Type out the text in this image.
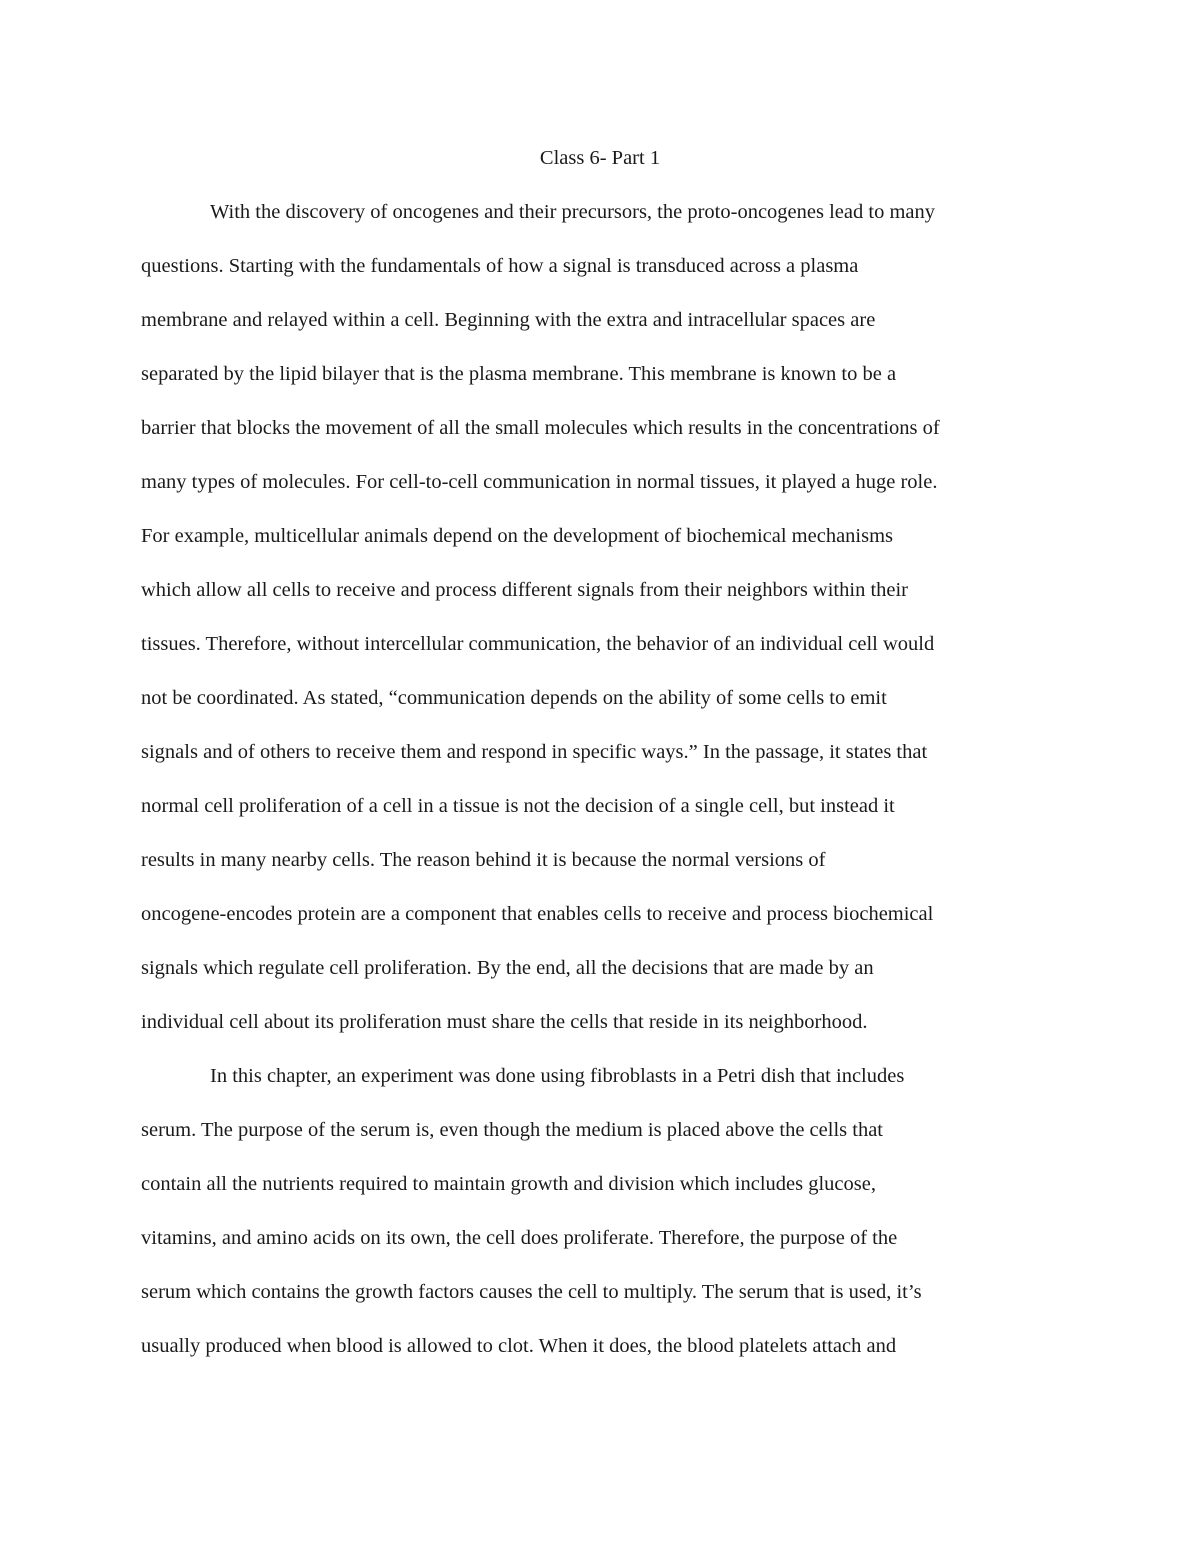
Class 6- Part 1

With the discovery of oncogenes and their precursors, the proto-oncogenes lead to many

questions. Starting with the fundamentals of how a signal is transduced across a plasma

membrane and relayed within a cell. Beginning with the extra and intracellular spaces are

separated by the lipid bilayer that is the plasma membrane. This membrane is known to be a

barrier that blocks the movement of all the small molecules which results in the concentrations of

many types of molecules. For cell-to-cell communication in normal tissues, it played a huge role.

For example, multicellular animals depend on the development of biochemical mechanisms

which allow all cells to receive and process different signals from their neighbors within their

tissues. Therefore, without intercellular communication, the behavior of an individual cell would

not be coordinated. As stated, “communication depends on the ability of some cells to emit

signals and of others to receive them and respond in specific ways.” In the passage, it states that

normal cell proliferation of a cell in a tissue is not the decision of a single cell, but instead it

results in many nearby cells. The reason behind it is because the normal versions of

oncogene-encodes protein are a component that enables cells to receive and process biochemical

signals which regulate cell proliferation. By the end, all the decisions that are made by an

individual cell about its proliferation must share the cells that reside in its neighborhood.

In this chapter, an experiment was done using fibroblasts in a Petri dish that includes

serum. The purpose of the serum is, even though the medium is placed above the cells that

contain all the nutrients required to maintain growth and division which includes glucose,

vitamins, and amino acids on its own, the cell does proliferate. Therefore, the purpose of the

serum which contains the growth factors causes the cell to multiply. The serum that is used, it’s

usually produced when blood is allowed to clot. When it does, the blood platelets attach and
